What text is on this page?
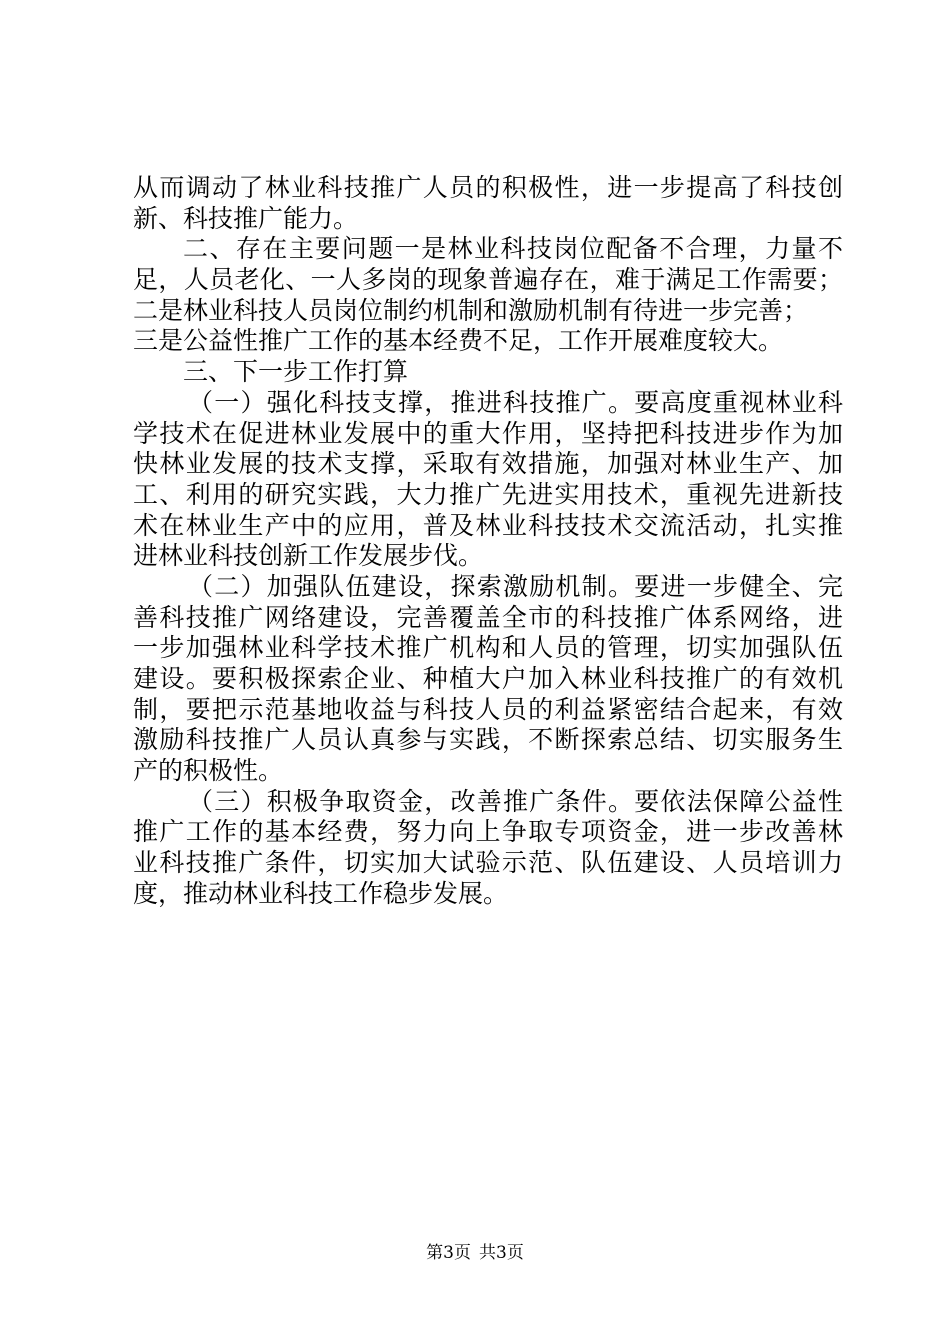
从而调动了林业科技推广人员的积极性，进一步提高了科技创
新、科技推广能力。
二、存在主要问题一是林业科技岗位配备不合理，力量不
足，人员老化、一人多岗的现象普遍存在，难于满足工作需要；
二是林业科技人员岗位制约机制和激励机制有待进一步完善；
三是公益性推广工作的基本经费不足，工作开展难度较大。
三、下一步工作打算
（一）强化科技支撑，推进科技推广。要高度重视林业科
学技术在促进林业发展中的重大作用，坚持把科技进步作为加
快林业发展的技术支撑，采取有效措施，加强对林业生产、加
工、利用的研究实践，大力推广先进实用技术，重视先进新技
术在林业生产中的应用，普及林业科技技术交流活动，扎实推
进林业科技创新工作发展步伐。
（二）加强队伍建设，探索激励机制。要进一步健全、完
善科技推广网络建设，完善覆盖全市的科技推广体系网络，进
一步加强林业科学技术推广机构和人员的管理，切实加强队伍
建设。要积极探索企业、种植大户加入林业科技推广的有效机
制，要把示范基地收益与科技人员的利益紧密结合起来，有效
激励科技推广人员认真参与实践，不断探索总结、切实服务生
产的积极性。
（三）积极争取资金，改善推广条件。要依法保障公益性
推广工作的基本经费，努力向上争取专项资金，进一步改善林
业科技推广条件，切实加大试验示范、队伍建设、人员培训力
度，推动林业科技工作稳步发展。
第3页 共3页
